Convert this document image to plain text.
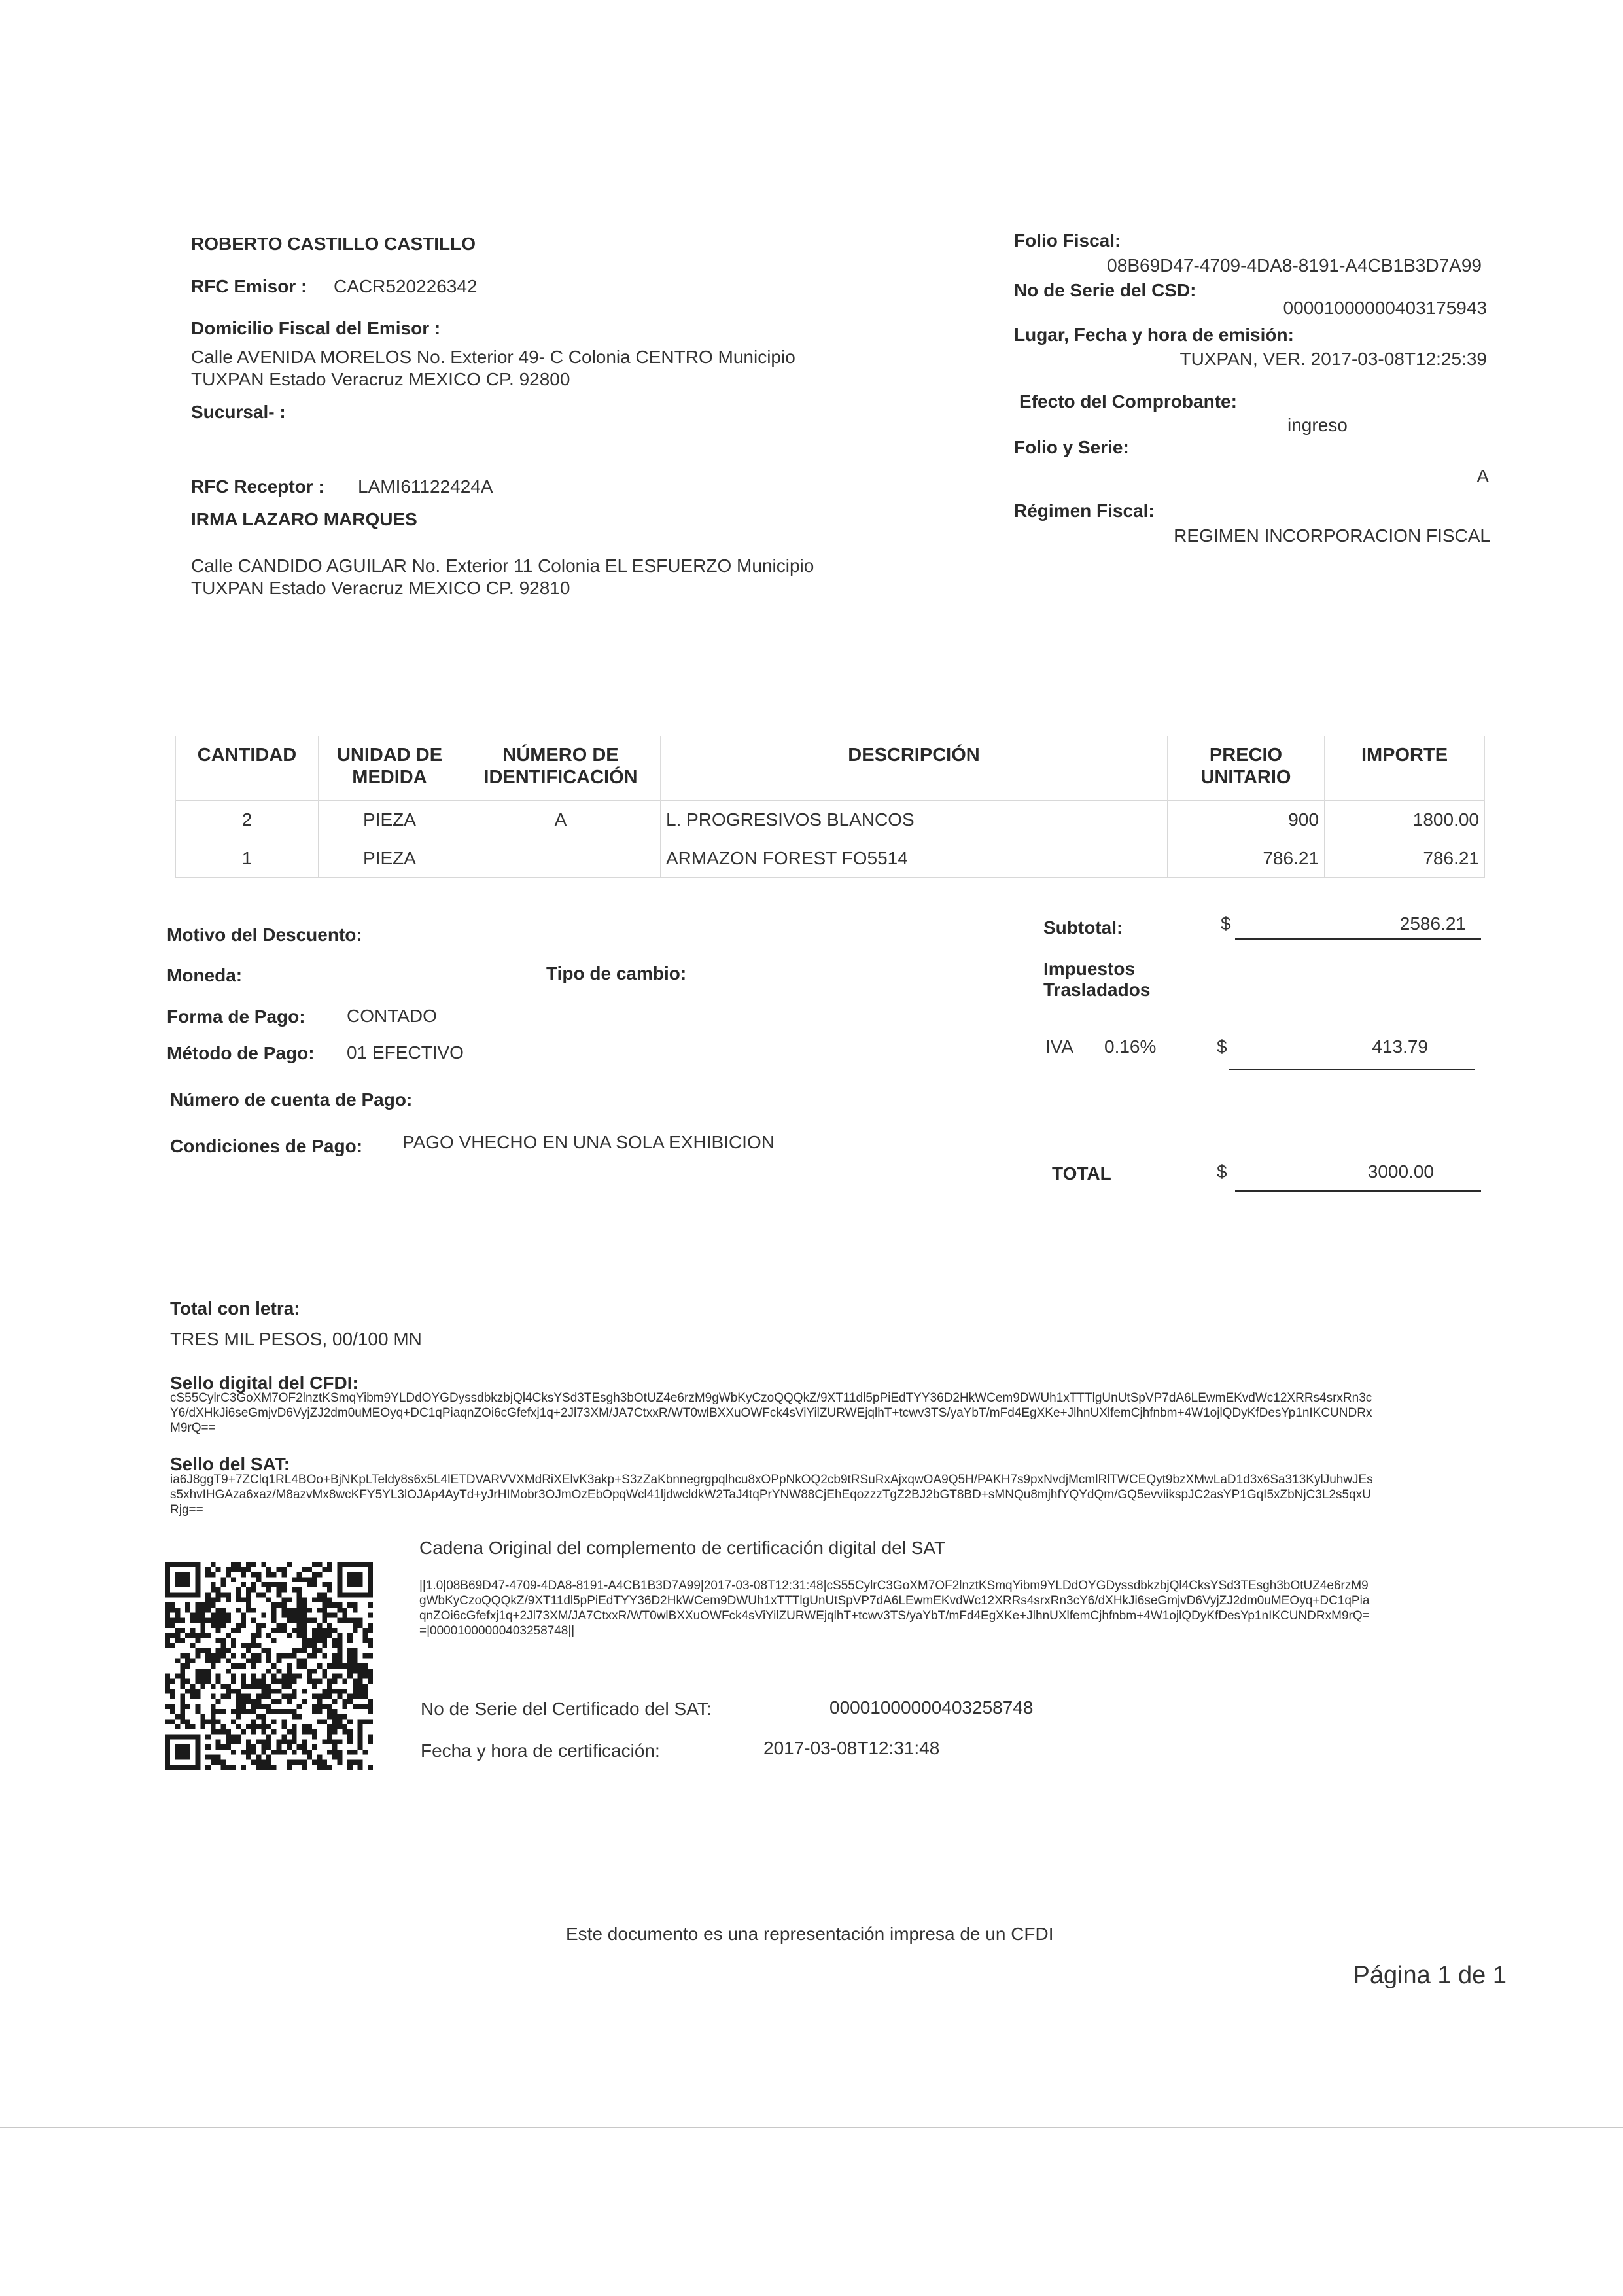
ROBERTO CASTILLO CASTILLO
RFC Emisor : CACR520226342
Domicilio Fiscal del Emisor :
Calle AVENIDA MORELOS No. Exterior 49- C Colonia CENTRO Municipio
TUXPAN Estado Veracruz MEXICO CP. 92800
Sucursal- :
RFC Receptor : LAMI61122424A
IRMA LAZARO MARQUES
Calle CANDIDO AGUILAR No. Exterior 11 Colonia EL ESFUERZO Municipio
TUXPAN Estado Veracruz MEXICO CP. 92810
Folio Fiscal:
08B69D47-4709-4DA8-8191-A4CB1B3D7A99
No de Serie del CSD:
00001000000403175943
Lugar, Fecha y hora de emisión:
TUXPAN, VER. 2017-03-08T12:25:39
Efecto del Comprobante:
ingreso
Folio y Serie:
A
Régimen Fiscal:
REGIMEN INCORPORACION FISCAL
CANTIDAD	UNIDAD DE MEDIDA	NÚMERO DE IDENTIFICACIÓN	DESCRIPCIÓN	PRECIO UNITARIO	IMPORTE
2	PIEZA	A	L. PROGRESIVOS BLANCOS	900	1800.00
1	PIEZA		ARMAZON FOREST FO5514	786.21	786.21
Motivo del Descuento:
Moneda:	Tipo de cambio:
Forma de Pago: CONTADO
Método de Pago: 01 EFECTIVO
Número de cuenta de Pago:
Condiciones de Pago: PAGO VHECHO EN UNA SOLA EXHIBICION
Subtotal:	$	2586.21
Impuestos
Trasladados
IVA 0.16%	$	413.79
TOTAL	$	3000.00
Total con letra:
TRES MIL PESOS, 00/100 MN
Sello digital del CFDI:
cS55CylrC3GoXM7OF2lnztKSmqYibm9YLDdOYGDyssdbkzbjQl4CksYSd3TEsgh3bOtUZ4e6rzM9gWbKyCzoQQQkZ/9XT11dl5pPiEdTYY36D2HkWCem9DWUh1xTTTlgUnUtSpVP7dA6LEwmEKvdWc12XRRs4srxRn3cY6/dXHkJi6seGmjvD6VyjZJ2dm0uMEOyq+DC1qPiaqnZOi6cGfefxj1q+2Jl73XM/JA7CtxxR/WT0wlBXXuOWFck4sViYilZURWEjqlhT+tcwv3TS/yaYbT/mFd4EgXKe+JlhnUXlfemCjhfnbm+4W1ojlQDyKfDesYp1nIKCUNDRxM9rQ==
Sello del SAT:
ia6J8ggT9+7ZClq1RL4BOo+BjNKpLTeldy8s6x5L4lETDVARVVXMdRiXElvK3akp+S3zZaKbnnegrgpqlhcu8xOPpNkOQ2cb9tRSuRxAjxqwOA9Q5H/PAKH7s9pxNvdjMcmlRlTWCEQyt9bzXMwLaD1d3x6Sa313KylJuhwJEss5xhvIHGAza6xaz/M8azvMx8wcKFY5YL3lOJAp4AyTd+yJrHIMobr3OJmOzEbOpqWcl41ljdwcldkW2TaJ4tqPrYNW88CjEhEqozzzTgZ2BJ2bGT8BD+sMNQu8mjhfYQYdQm/GQ5evviikspJC2asYP1GqI5xZbNjC3L2s5qxURjg==
Cadena Original del complemento de certificación digital del SAT
||1.0|08B69D47-4709-4DA8-8191-A4CB1B3D7A99|2017-03-08T12:31:48|cS55CylrC3GoXM7OF2lnztKSmqYibm9YLDdOYGDyssdbkzbjQl4CksYSd3TEsgh3bOtUZ4e6rzM9gWbKyCzoQQQkZ/9XT11dl5pPiEdTYY36D2HkWCem9DWUh1xTTTlgUnUtSpVP7dA6LEwmEKvdWc12XRRs4srxRn3cY6/dXHkJi6seGmjvD6VyjZJ2dm0uMEOyq+DC1qPiaqnZOi6cGfefxj1q+2Jl73XM/JA7CtxxR/WT0wlBXXuOWFck4sViYilZURWEjqlhT+tcwv3TS/yaYbT/mFd4EgXKe+JlhnUXlfemCjhfnbm+4W1ojlQDyKfDesYp1nIKCUNDRxM9rQ==|00001000000403258748||
No de Serie del Certificado del SAT:	00001000000403258748
Fecha y hora de certificación:	2017-03-08T12:31:48
Este documento es una representación impresa de un CFDI
Página 1 de 1
